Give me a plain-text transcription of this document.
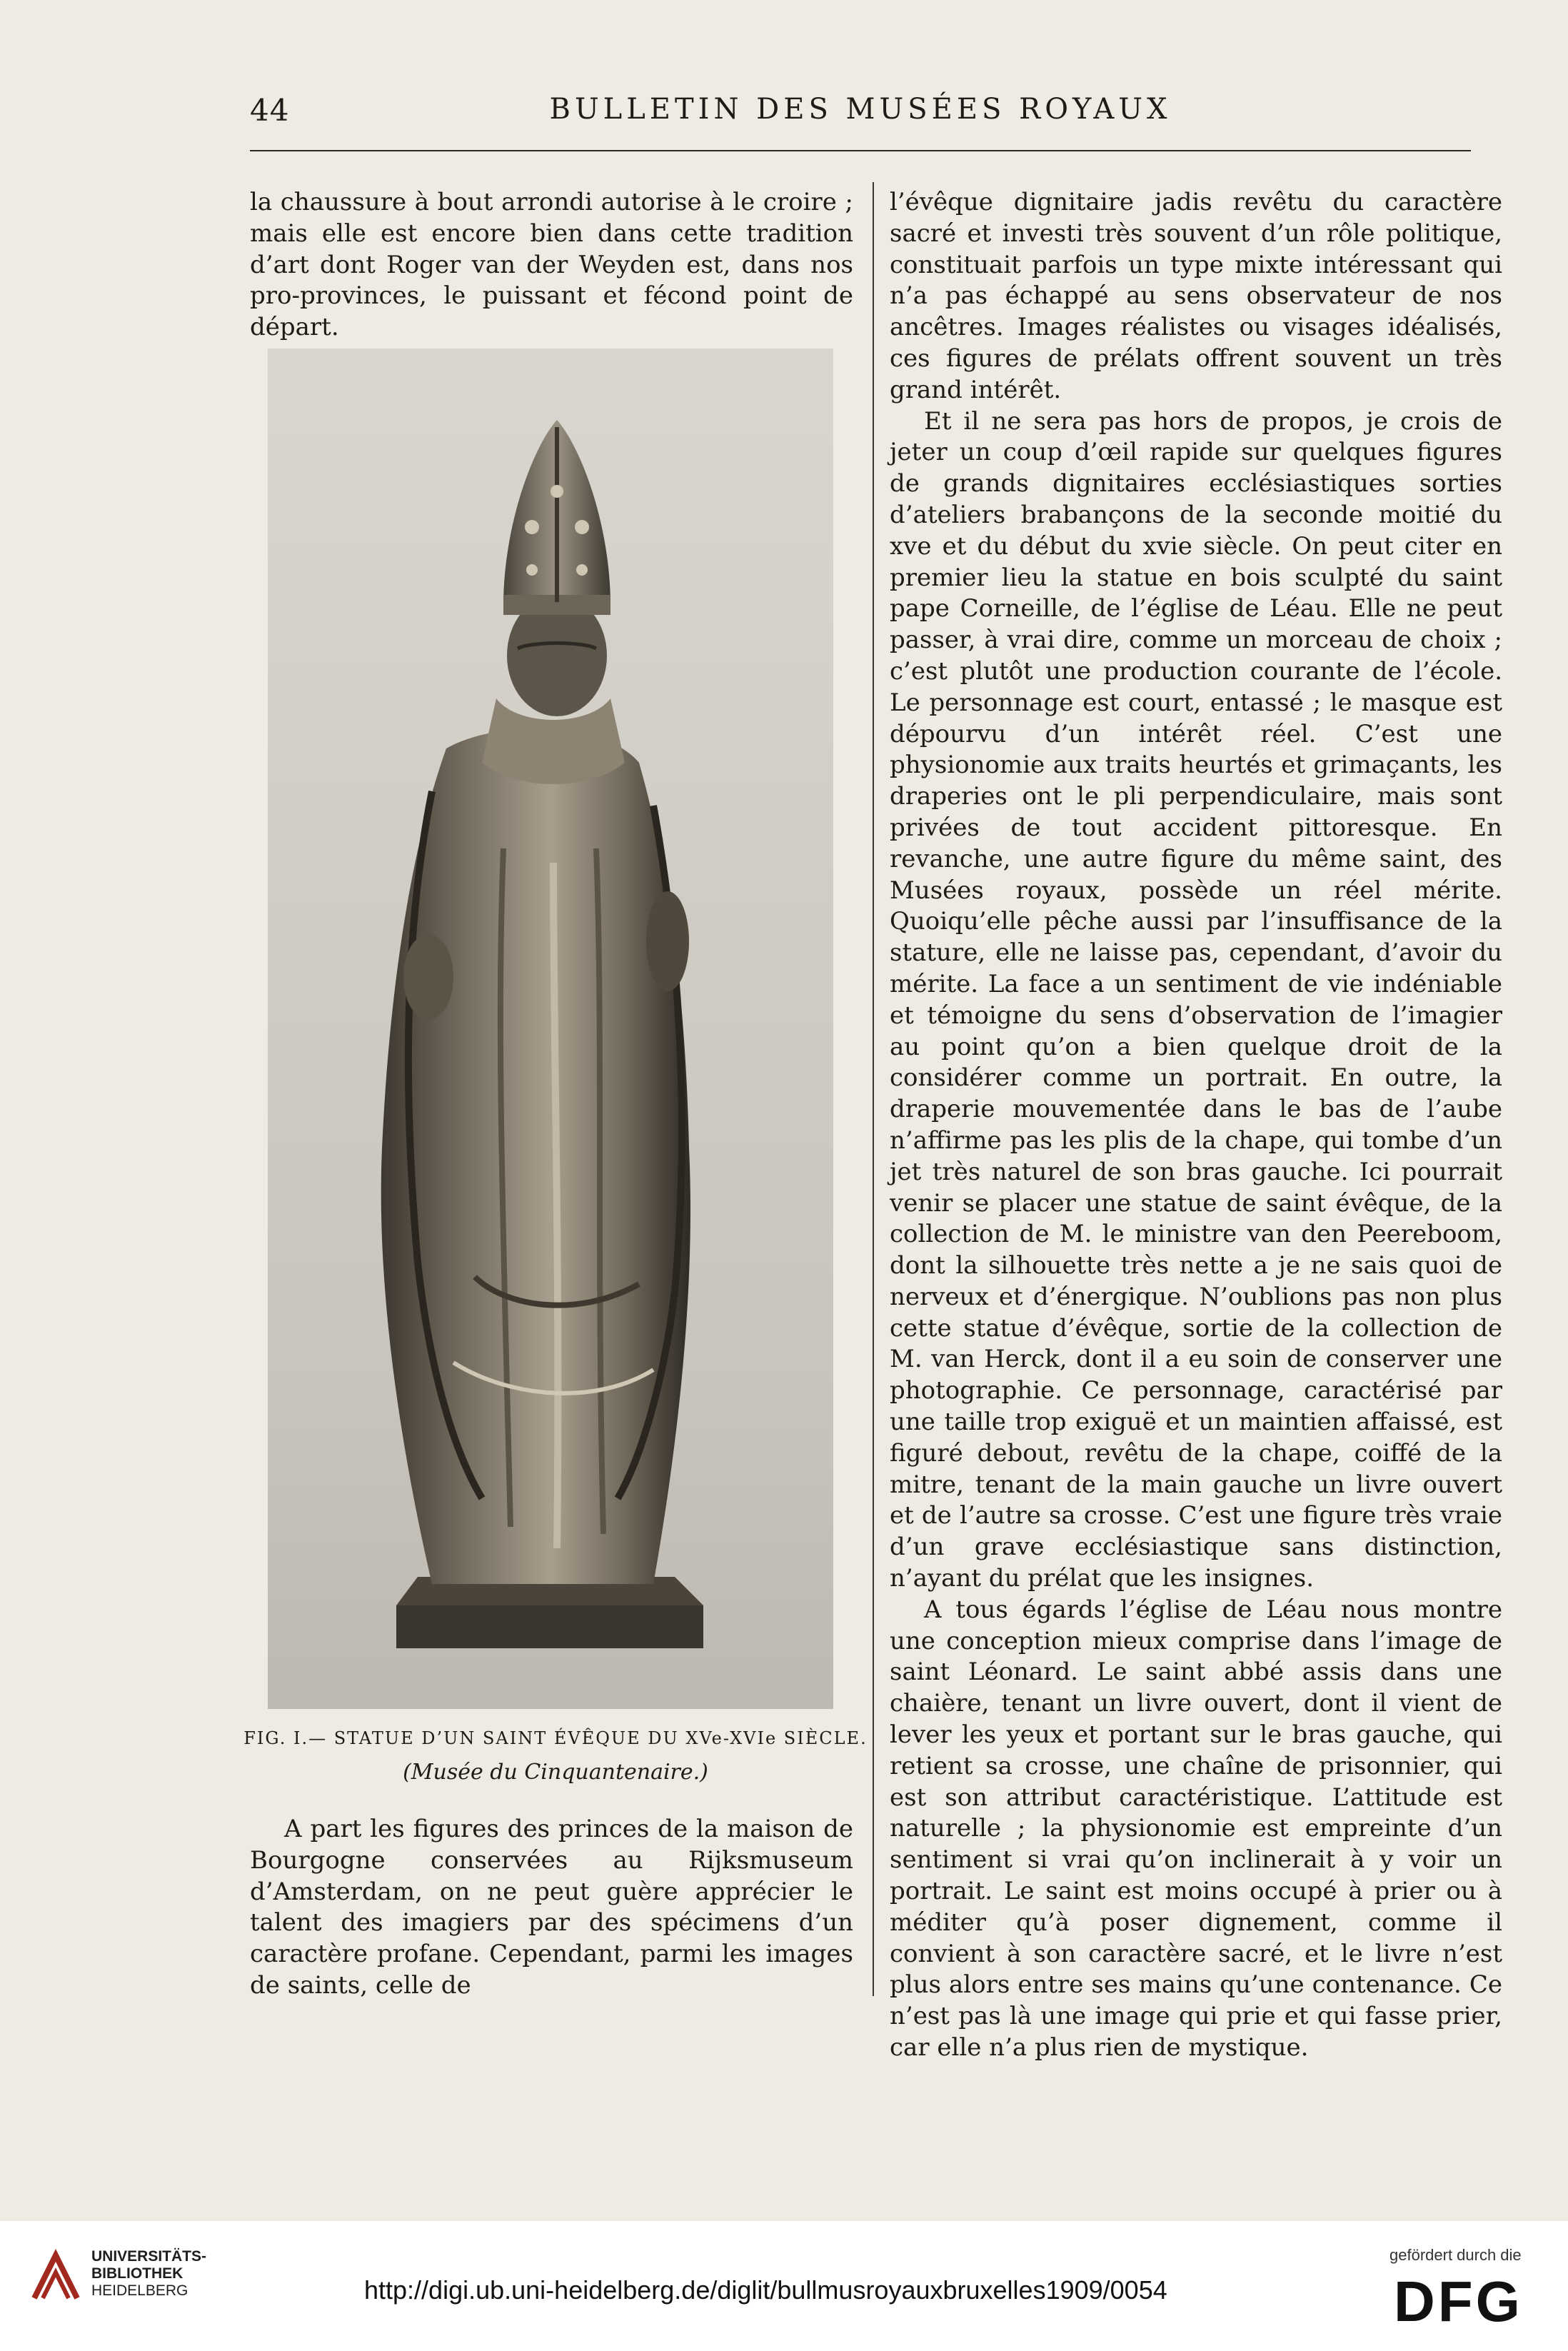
44	BULLETIN DES MUSÉES ROYAUX

la chaussure à bout arrondi autorise à le croire ; mais elle est encore bien dans cette tradition d’art dont Roger van der Weyden est, dans nos pro-provinces, le puissant et fécond point de départ.

FIG. I.— STATUE D’UN SAINT ÉVÊQUE DU XVe-XVIe SIÈCLE.
(Musée du Cinquantenaire.)

A part les figures des princes de la maison de Bourgogne conservées au Rijksmuseum d’Amsterdam, on ne peut guère apprécier le talent des imagiers par des spécimens d’un caractère profane. Cependant, parmi les images de saints, celle de

l’évêque dignitaire jadis revêtu du caractère sacré et investi très souvent d’un rôle politique, constituait parfois un type mixte intéressant qui n’a pas échappé au sens observateur de nos ancêtres. Images réalistes ou visages idéalisés, ces figures de prélats offrent souvent un très grand intérêt.

Et il ne sera pas hors de propos, je crois de jeter un coup d’œil rapide sur quelques figures de grands dignitaires ecclésiastiques sorties d’ateliers brabançons de la seconde moitié du xve et du début du xvie siècle. On peut citer en premier lieu la statue en bois sculpté du saint pape Corneille, de l’église de Léau. Elle ne peut passer, à vrai dire, comme un morceau de choix ; c’est plutôt une production courante de l’école. Le personnage est court, entassé ; le masque est dépourvu d’un intérêt réel. C’est une physionomie aux traits heurtés et grimaçants, les draperies ont le pli perpendiculaire, mais sont privées de tout accident pittoresque. En revanche, une autre figure du même saint, des Musées royaux, possède un réel mérite. Quoiqu’elle pêche aussi par l’insuffisance de la stature, elle ne laisse pas, cependant, d’avoir du mérite. La face a un sentiment de vie indéniable et témoigne du sens d’observation de l’imagier au point qu’on a bien quelque droit de la considérer comme un portrait. En outre, la draperie mouvementée dans le bas de l’aube n’affirme pas les plis de la chape, qui tombe d’un jet très naturel de son bras gauche. Ici pourrait venir se placer une statue de saint évêque, de la collection de M. le ministre van den Peereboom, dont la silhouette très nette a je ne sais quoi de nerveux et d’énergique. N’oublions pas non plus cette statue d’évêque, sortie de la collection de M. van Herck, dont il a eu soin de conserver une photographie. Ce personnage, caractérisé par une taille trop exiguë et un maintien affaissé, est figuré debout, revêtu de la chape, coiffé de la mitre, tenant de la main gauche un livre ouvert et de l’autre sa crosse. C’est une figure très vraie d’un grave ecclésiastique sans distinction, n’ayant du prélat que les insignes.

A tous égards l’église de Léau nous montre une conception mieux comprise dans l’image de saint Léonard. Le saint abbé assis dans une chaière, tenant un livre ouvert, dont il vient de lever les yeux et portant sur le bras gauche, qui retient sa crosse, une chaîne de prisonnier, qui est son attribut caractéristique. L’attitude est naturelle ; la physionomie est empreinte d’un sentiment si vrai qu’on inclinerait à y voir un portrait. Le saint est moins occupé à prier ou à méditer qu’à poser dignement, comme il convient à son caractère sacré, et le livre n’est plus alors entre ses mains qu’une contenance. Ce n’est pas là une image qui prie et qui fasse prier, car elle n’a plus rien de mystique.

UNIVERSITÄTS-
BIBLIOTHEK
HEIDELBERG	http://digi.ub.uni-heidelberg.de/diglit/bullmusroyauxbruxelles1909/0054
gefördert durch die
DFG
